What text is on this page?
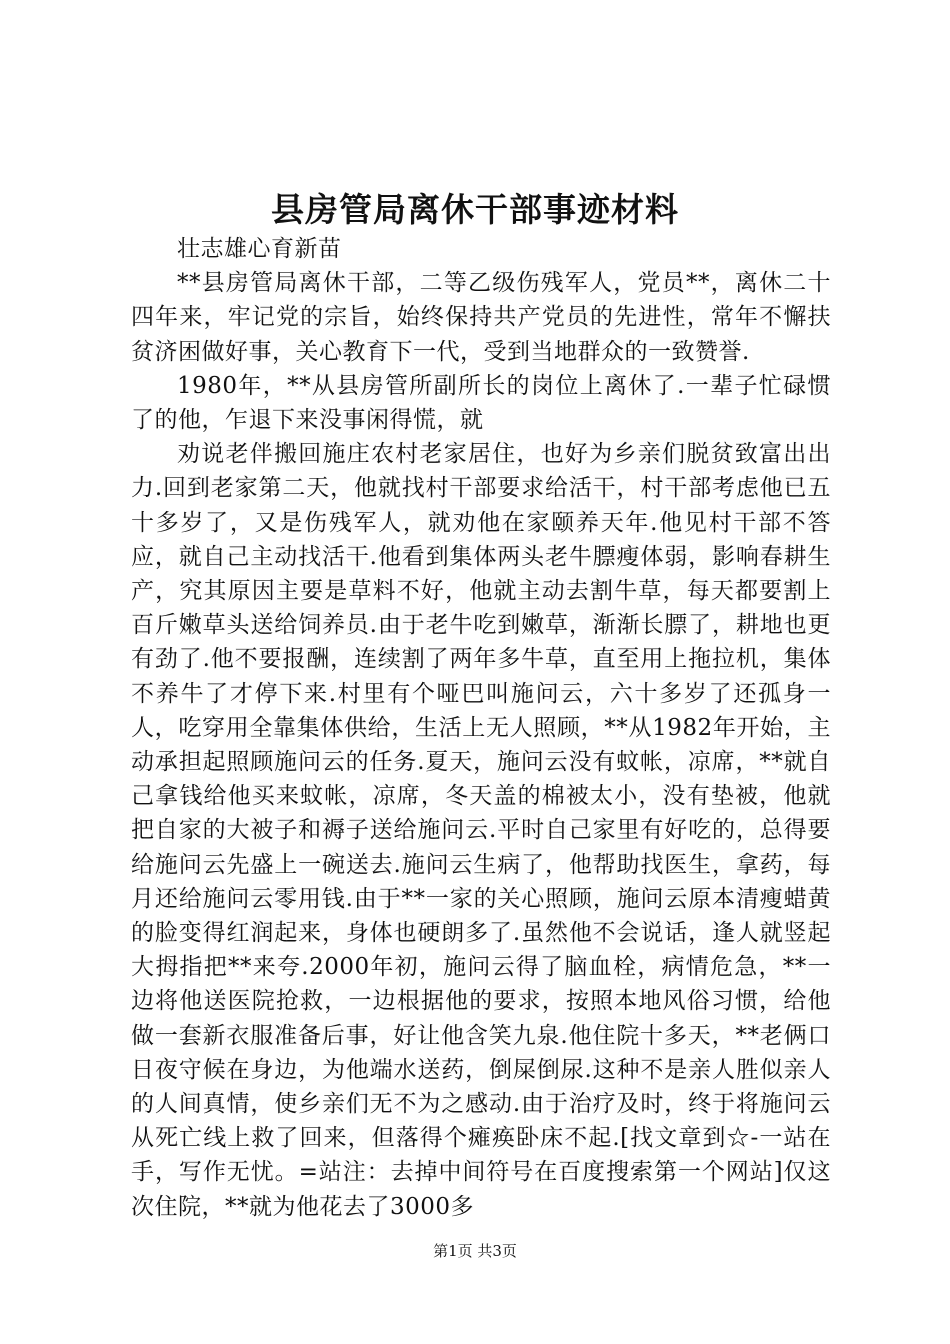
县房管局离休干部事迹材料

壮志雄心育新苗

**县房管局离休干部，二等乙级伤残军人，党员**，离休二十四年来，牢记党的宗旨，始终保持共产党员的先进性，常年不懈扶贫济困做好事，关心教育下一代，受到当地群众的一致赞誉.

1980年，**从县房管所副所长的岗位上离休了.一辈子忙碌惯了的他，乍退下来没事闲得慌，就

劝说老伴搬回施庄农村老家居住，也好为乡亲们脱贫致富出出力.回到老家第二天，他就找村干部要求给活干，村干部考虑他已五十多岁了，又是伤残军人，就劝他在家颐养天年.他见村干部不答应，就自己主动找活干.他看到集体两头老牛膘瘦体弱，影响春耕生产，究其原因主要是草料不好，他就主动去割牛草，每天都要割上百斤嫩草头送给饲养员.由于老牛吃到嫩草，渐渐长膘了，耕地也更有劲了.他不要报酬，连续割了两年多牛草，直至用上拖拉机，集体不养牛了才停下来.村里有个哑巴叫施问云，六十多岁了还孤身一人，吃穿用全靠集体供给，生活上无人照顾，**从1982年开始，主动承担起照顾施问云的任务.夏天，施问云没有蚊帐，凉席，**就自己拿钱给他买来蚊帐，凉席，冬天盖的棉被太小，没有垫被，他就把自家的大被子和褥子送给施问云.平时自己家里有好吃的，总得要给施问云先盛上一碗送去.施问云生病了，他帮助找医生，拿药，每月还给施问云零用钱.由于**一家的关心照顾，施问云原本清瘦蜡黄的脸变得红润起来，身体也硬朗多了.虽然他不会说话，逢人就竖起大拇指把**来夸.2000年初，施问云得了脑血栓，病情危急，**一边将他送医院抢救，一边根据他的要求，按照本地风俗习惯，给他做一套新衣服准备后事，好让他含笑九泉.他住院十多天，**老俩口日夜守候在身边，为他端水送药，倒屎倒尿.这种不是亲人胜似亲人的人间真情，使乡亲们无不为之感动.由于治疗及时，终于将施问云从死亡线上救了回来，但落得个瘫痪卧床不起.[找文章到☆-一站在手，写作无忧。=站注：去掉中间符号在百度搜索第一个网站]仅这次住院，**就为他花去了3000多

第1页 共3页
